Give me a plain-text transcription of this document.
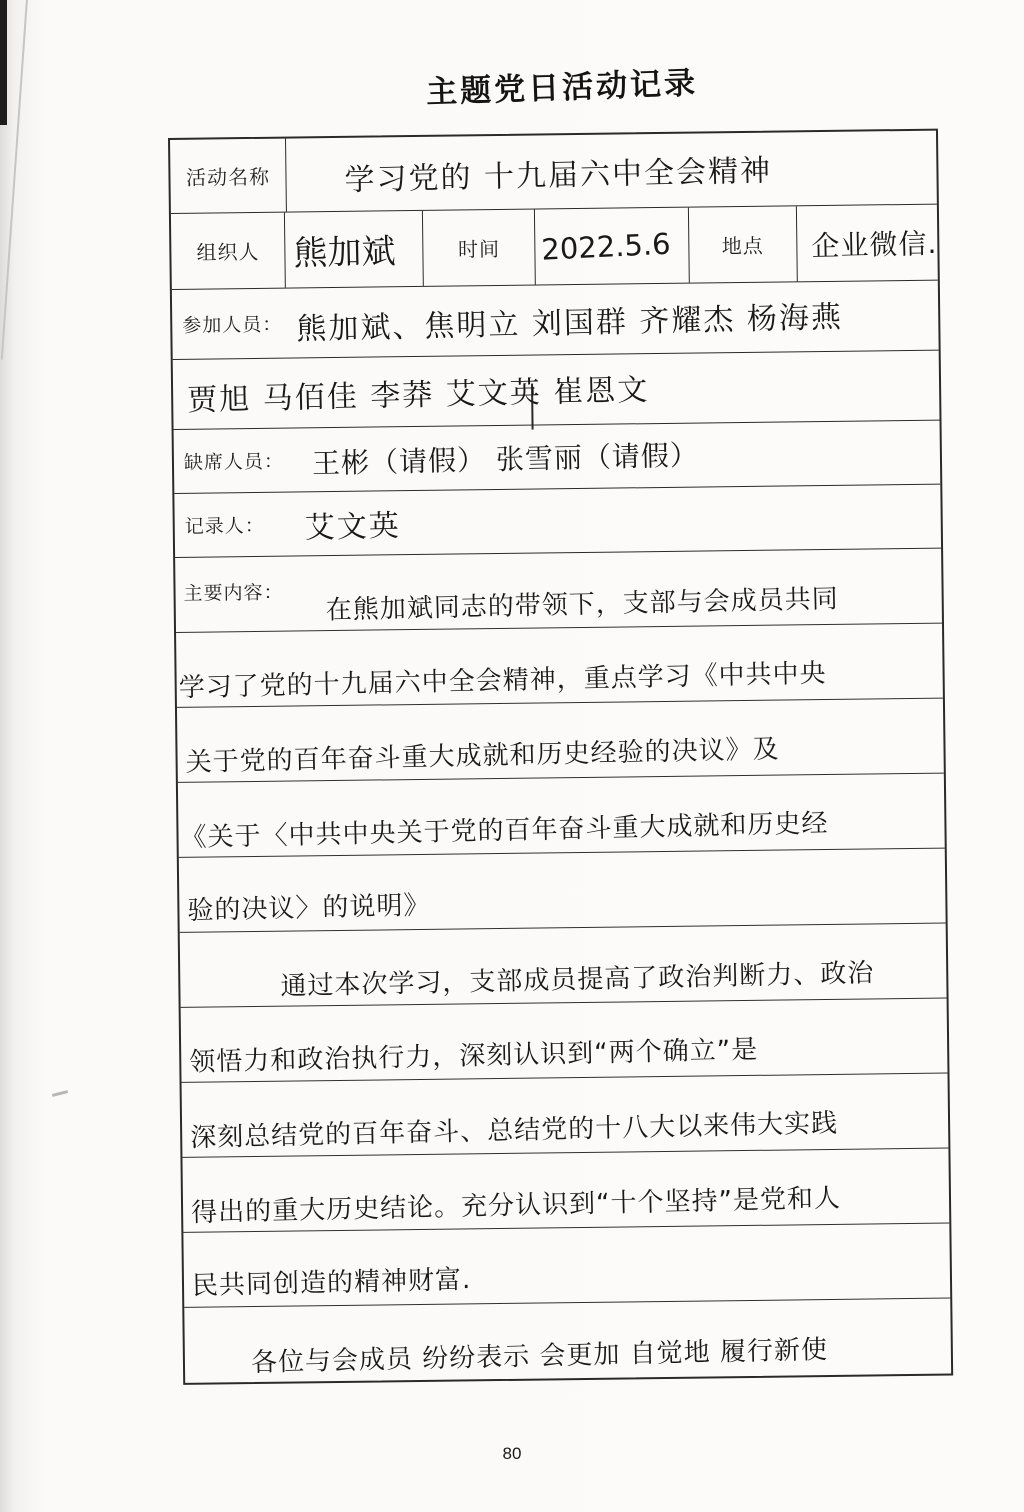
主题党日活动记录
活动名称 学习党的 十九届六中全会精神
组织人 熊加斌	时间 2022.5.6	地点 企业微信.
参加人员： 熊加斌、焦明立 刘国群 齐耀杰 杨海燕
贾旭 马佰佳 李莽 艾文英 崔恩文
缺席人员： 王彬（请假） 张雪丽（请假）
记录人： 艾文英
主要内容： 在熊加斌同志的带领下，支部与会成员共同
学习了党的十九届六中全会精神，重点学习《中共中央
关于党的百年奋斗重大成就和历史经验的决议》及
《关于〈中共中央关于党的百年奋斗重大成就和历史经
验的决议〉的说明》
通过本次学习，支部成员提高了政治判断力、政治
领悟力和政治执行力，深刻认识到“两个确立”是
深刻总结党的百年奋斗、总结党的十八大以来伟大实践
得出的重大历史结论。充分认识到“十个坚持”是党和人
民共同创造的精神财富.
各位与会成员 纷纷表示 会更加 自觉地 履行新使
80
